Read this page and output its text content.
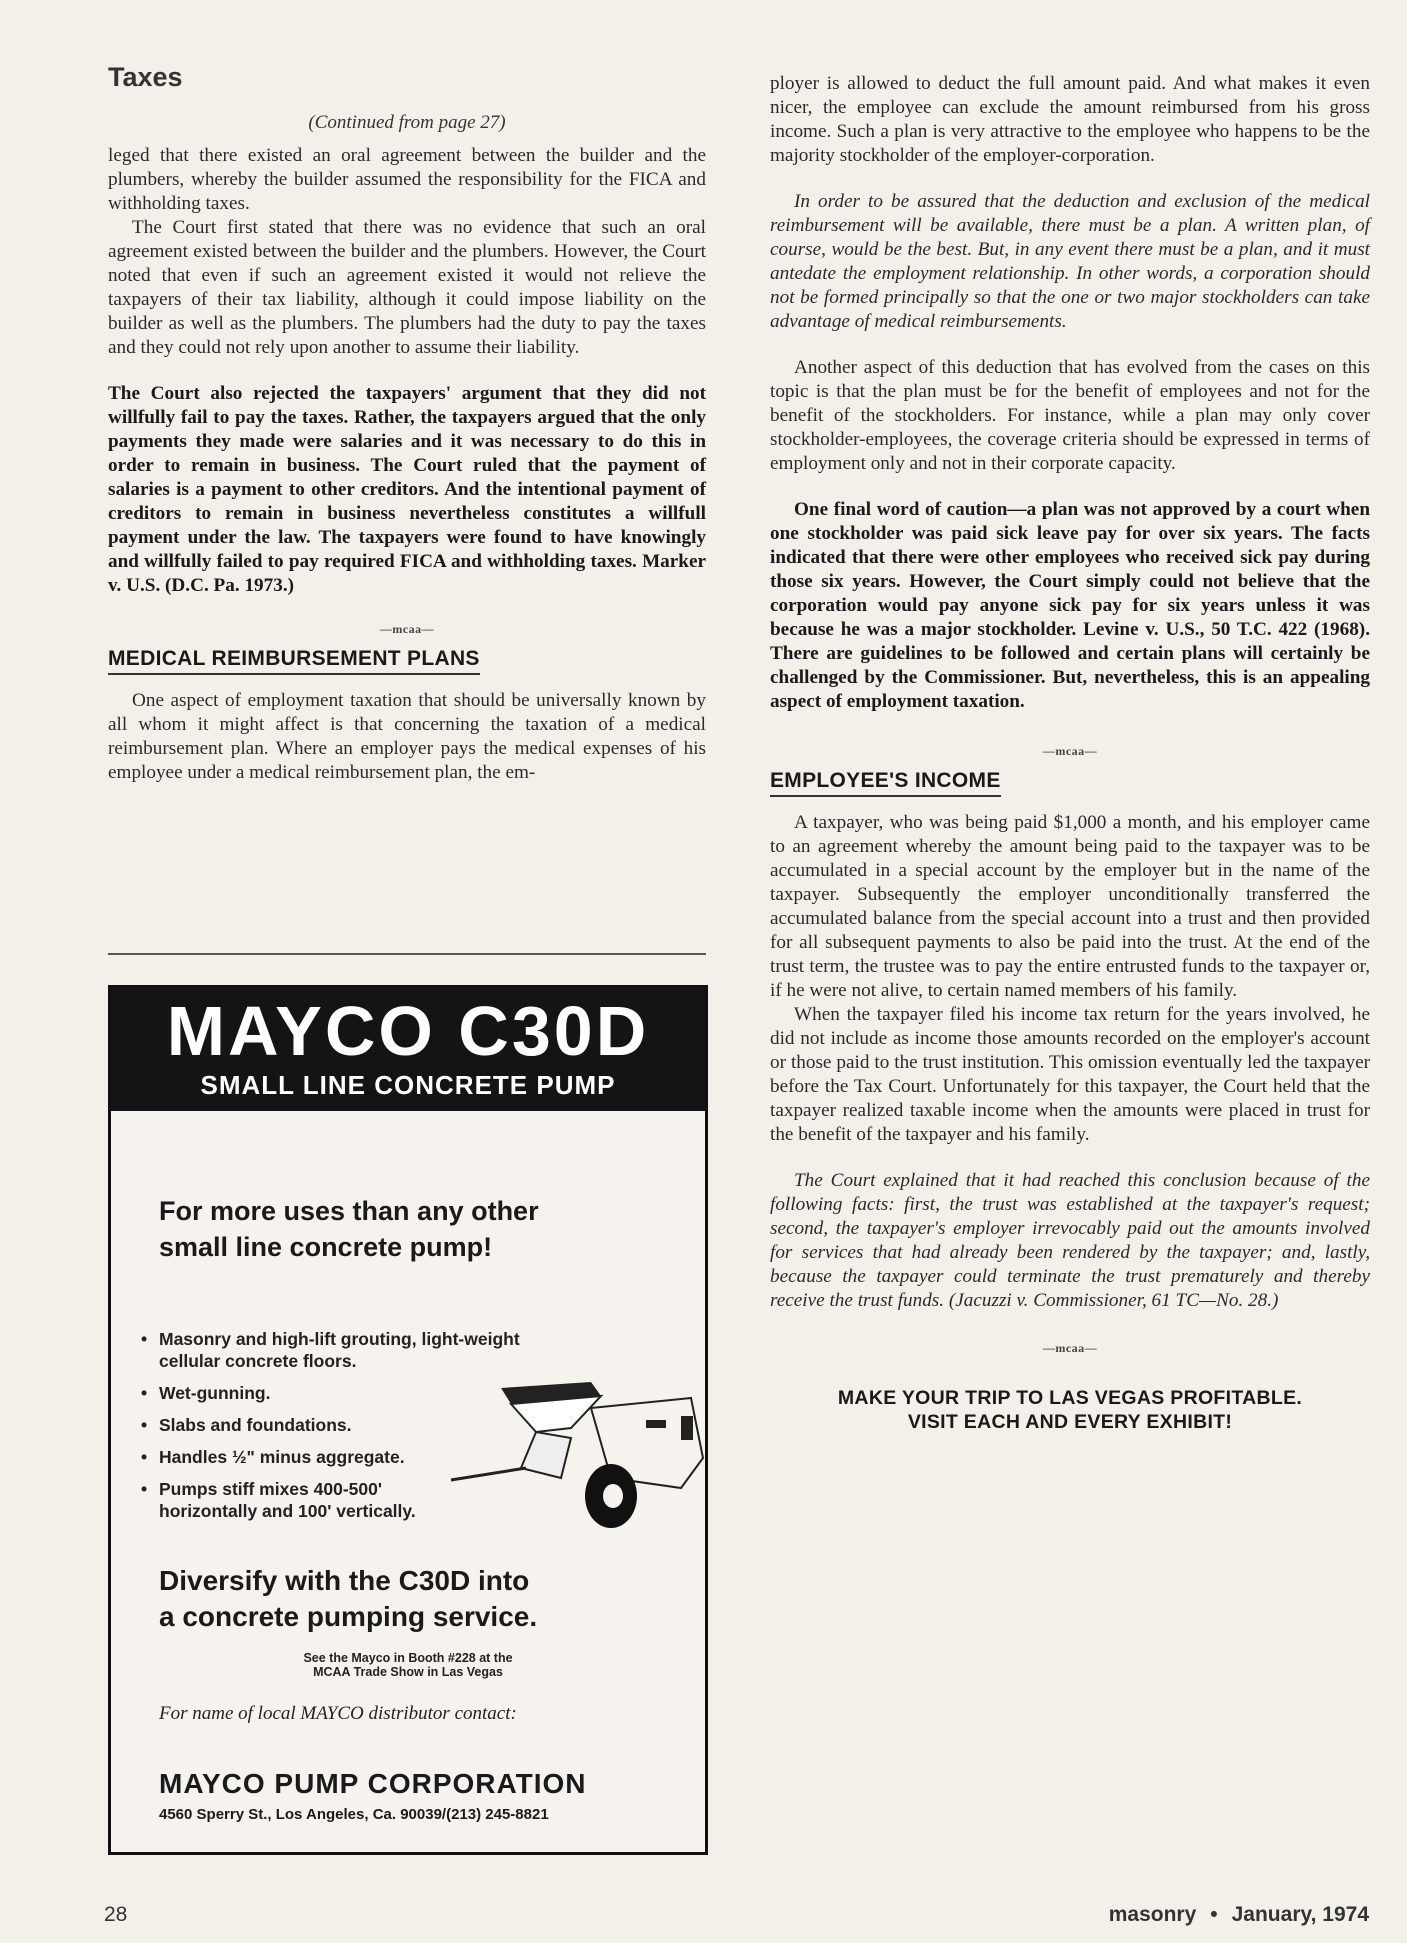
Taxes
(Continued from page 27)

leged that there existed an oral agreement between the builder and the plumbers, whereby the builder assumed the responsibility for the FICA and withholding taxes.

The Court first stated that there was no evidence that such an oral agreement existed between the builder and the plumbers. However, the Court noted that even if such an agreement existed it would not relieve the taxpayers of their tax liability, although it could impose liability on the builder as well as the plumbers. The plumbers had the duty to pay the taxes and they could not rely upon another to assume their liability.

The Court also rejected the taxpayers' argument that they did not willfully fail to pay the taxes. Rather, the taxpayers argued that the only payments they made were salaries and it was necessary to do this in order to remain in business. The Court ruled that the payment of salaries is a payment to other creditors. And the intentional payment of creditors to remain in business nevertheless constitutes a willfull payment under the law. The taxpayers were found to have knowingly and willfully failed to pay required FICA and withholding taxes. Marker v. U.S. (D.C. Pa. 1973.)

—mcaa—
MEDICAL REIMBURSEMENT PLANS

One aspect of employment taxation that should be universally known by all whom it might affect is that concerning the taxation of a medical reimbursement plan. Where an employer pays the medical expenses of his employee under a medical reimbursement plan, the em-

MAYCO C30D
SMALL LINE CONCRETE PUMP
For more uses than any other
small line concrete pump!
• Masonry and high-lift grouting, light-weight cellular concrete floors.
• Wet-gunning.
• Slabs and foundations.
• Handles ½" minus aggregate.
• Pumps stiff mixes 400-500' horizontally and 100' vertically.
Diversify with the C30D into
a concrete pumping service.
See the Mayco in Booth #228 at the
MCAA Trade Show in Las Vegas
For name of local MAYCO distributor contact:
MAYCO PUMP CORPORATION
4560 Sperry St., Los Angeles, Ca. 90039/(213) 245-8821

ployer is allowed to deduct the full amount paid. And what makes it even nicer, the employee can exclude the amount reimbursed from his gross income. Such a plan is very attractive to the employee who happens to be the majority stockholder of the employer-corporation.

In order to be assured that the deduction and exclusion of the medical reimbursement will be available, there must be a plan. A written plan, of course, would be the best. But, in any event there must be a plan, and it must antedate the employment relationship. In other words, a corporation should not be formed principally so that the one or two major stockholders can take advantage of medical reimbursements.

Another aspect of this deduction that has evolved from the cases on this topic is that the plan must be for the benefit of employees and not for the benefit of the stockholders. For instance, while a plan may only cover stockholder-employees, the coverage criteria should be expressed in terms of employment only and not in their corporate capacity.

One final word of caution—a plan was not approved by a court when one stockholder was paid sick leave pay for over six years. The facts indicated that there were other employees who received sick pay during those six years. However, the Court simply could not believe that the corporation would pay anyone sick pay for six years unless it was because he was a major stockholder. Levine v. U.S., 50 T.C. 422 (1968). There are guidelines to be followed and certain plans will certainly be challenged by the Commissioner. But, nevertheless, this is an appealing aspect of employment taxation.

—mcaa—
EMPLOYEE'S INCOME

A taxpayer, who was being paid $1,000 a month, and his employer came to an agreement whereby the amount being paid to the taxpayer was to be accumulated in a special account by the employer but in the name of the taxpayer. Subsequently the employer unconditionally transferred the accumulated balance from the special account into a trust and then provided for all subsequent payments to also be paid into the trust. At the end of the trust term, the trustee was to pay the entire entrusted funds to the taxpayer or, if he were not alive, to certain named members of his family.

When the taxpayer filed his income tax return for the years involved, he did not include as income those amounts recorded on the employer's account or those paid to the trust institution. This omission eventually led the taxpayer before the Tax Court. Unfortunately for this taxpayer, the Court held that the taxpayer realized taxable income when the amounts were placed in trust for the benefit of the taxpayer and his family.

The Court explained that it had reached this conclusion because of the following facts: first, the trust was established at the taxpayer's request; second, the taxpayer's employer irrevocably paid out the amounts involved for services that had already been rendered by the taxpayer; and, lastly, because the taxpayer could terminate the trust prematurely and thereby receive the trust funds. (Jacuzzi v. Commissioner, 61 TC—No. 28.)

—mcaa—
MAKE YOUR TRIP TO LAS VEGAS PROFITABLE.
VISIT EACH AND EVERY EXHIBIT!
28	masonry • January, 1974
